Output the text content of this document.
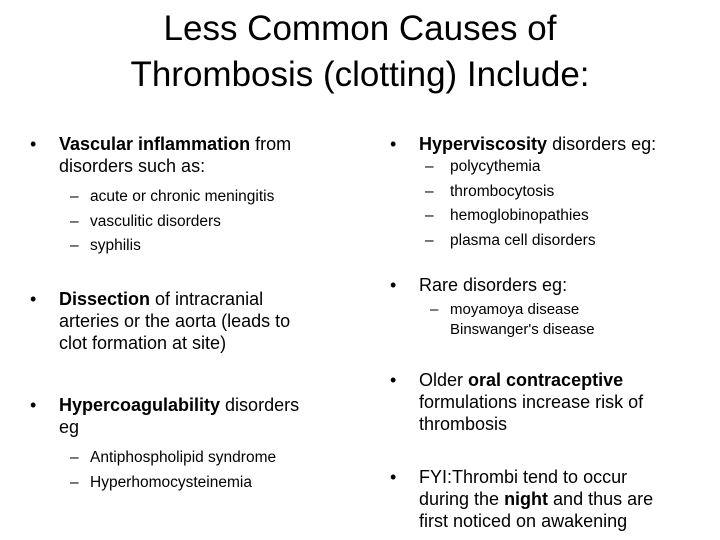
Less Common Causes of
Thrombosis (clotting) Include:
• Vascular inflammation from
disorders such as:
– acute or chronic meningitis
– vasculitic disorders
– syphilis
• Dissection of intracranial
arteries or the aorta (leads to
clot formation at site)
• Hypercoagulability disorders
eg
– Antiphospholipid syndrome
– Hyperhomocysteinemia
• Hyperviscosity disorders eg:
– polycythemia
– thrombocytosis
– hemoglobinopathies
– plasma cell disorders
• Rare disorders eg:
– moyamoya disease
Binswanger's disease
• Older oral contraceptive
formulations increase risk of
thrombosis
• FYI:Thrombi tend to occur
during the night and thus are
first noticed on awakening
